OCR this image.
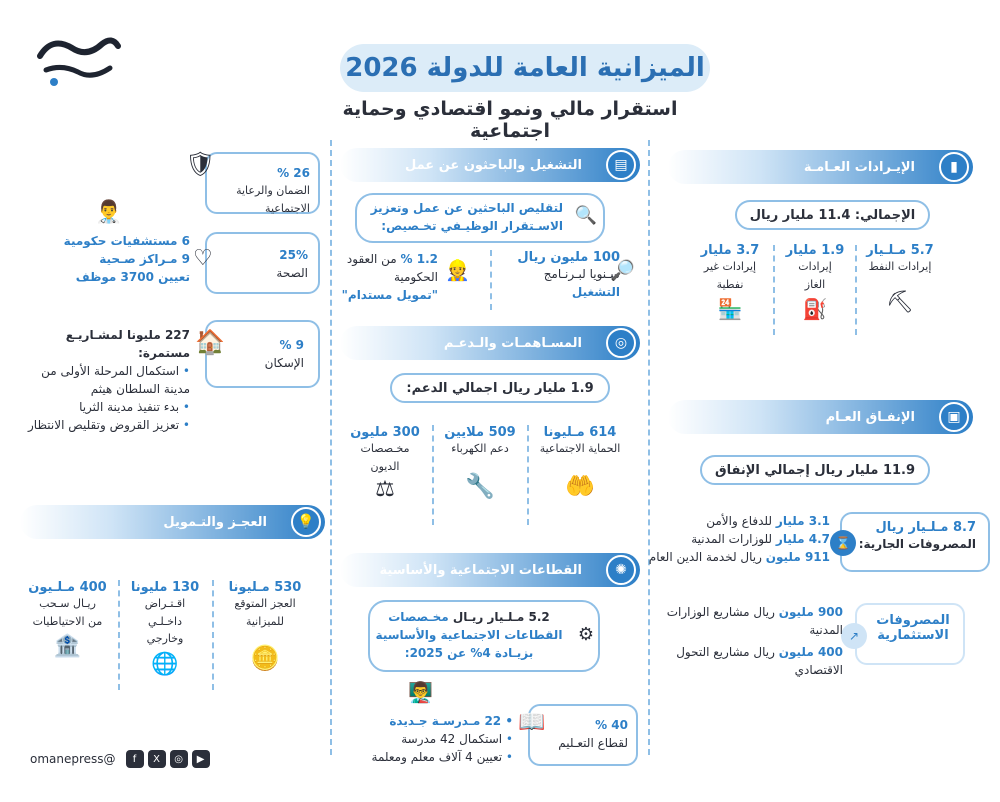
الميزانية العامة للدولة 2026
استقرار مالي ونمو اقتصادي وحماية اجتماعية
الإيـرادات العـامـة	▮
الإجمالي: 11.4 مليار ريال
5.7 مـلـيار
إيرادات النفط
⛏
1.9 مليار
إيرادات الغاز
⛽
3.7 مليار
إيرادات غير نفطية
🏪
الإنفـاق العـام	▣
11.9 مليار ريال إجمالي الإنفاق
8.7 مـلـيار ريال
المصروفات الجارية:
⌛
3.1 مليار للدفاع والأمن
4.7 مليار للوزارات المدنية
911 مليون ريال لخدمة الدين العام
المصروفات الاستثمارية
↗
900 مليون ريال مشاريع الوزارات المدنية
400 مليون ريال مشاريع التحول الاقتصادي
التشغيل والباحثون عن عمل	▤
لتقليص الباحثين عن عمل وتعزيز
الاسـتقرار الوظيـفي تخـصيص: 🔍
100 مليون ريال
سـنويا لبـرنـامج
التشغيل
🔎
1.2 % من العقود الحكومية
"تمويل مستدام"
👷
المسـاهمـات والـدعـم	◎
1.9 مليار ريال اجمالي الدعم:
614 مـليونا
الحماية الاجتماعية
🤲
509 ملايين
دعم الكهرباء
🔧
300 مليون
مخـصصات الديون
⚖
القطاعات الاجتماعية والأساسية	✺
5.2 مـلـيار ريـال مخـصصات
القطاعات الاجتماعية والأساسية
بزيـادة 4% عن 2025:
⚙
40 %
لقطاع التعـليم
📖
👨‍🏫
• 22 مـدرسـة جـديدة
• استكمال 42 مدرسة
• تعيين 4 آلاف معلم ومعلمة
26 %
الضمان والرعاية الاجتماعية
🛡
👨‍⚕️
6 مستشفيات حكومية
9 مـراكز صـحية
تعيين 3700 موظف
25%
الصحة
♡
9 %
الإسكان
🏠
227 مليونا لمشـاريـع مستمرة:
• استكمال المرحلة الأولى من مدينة السلطان هيثم
• بدء تنفيذ مدينة الثريا
• تعزيز القروض وتقليص الانتظار
العجـز والتـمويل	💡
530 مـليونا
العجز المتوقع للميزانية
🪙
130 مليونا
اقـتـراض داخـلـي وخارجي
🌐
400 مـلـيون
ريـال سـحب من الاحتياطيات
🏦
▶
◎
X
f
@omanepress
